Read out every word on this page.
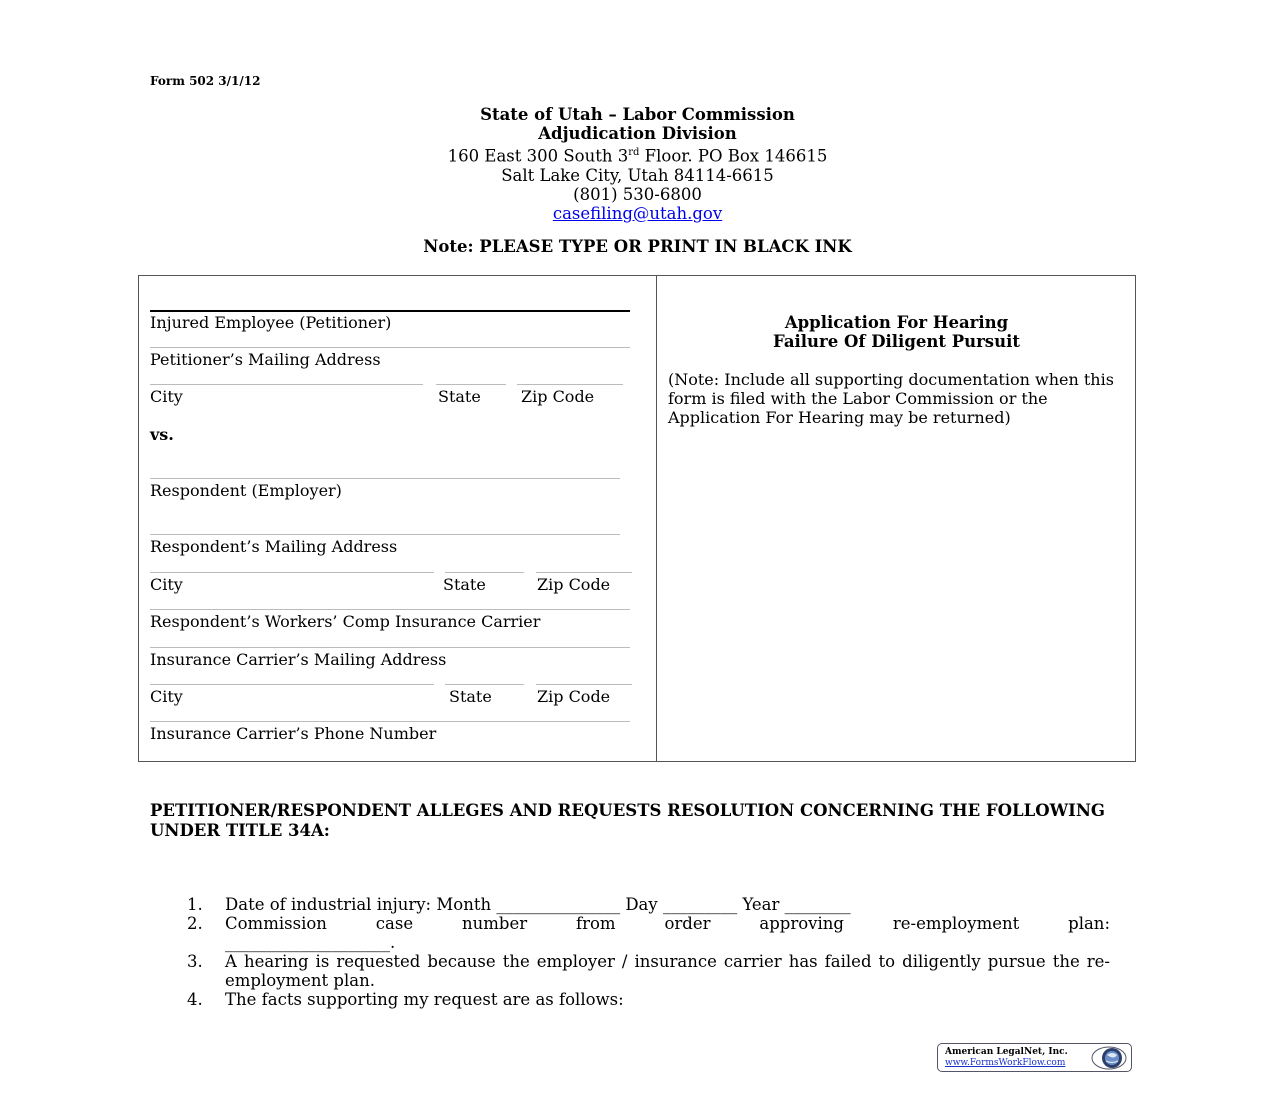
Form 502 3/1/12
State of Utah – Labor Commission
Adjudication Division
160 East 300 South 3rd Floor. PO Box 146615
Salt Lake City, Utah 84114-6615
(801) 530-6800
casefiling@utah.gov
Note: PLEASE TYPE OR PRINT IN BLACK INK
Injured Employee (Petitioner)
Petitioner’s Mailing Address
City	State	Zip Code
vs.
Respondent (Employer)
Respondent’s Mailing Address
City	State	Zip Code
Respondent’s Workers’ Comp Insurance Carrier
Insurance Carrier’s Mailing Address
City	State	Zip Code
Insurance Carrier’s Phone Number
Application For Hearing
Failure Of Diligent Pursuit
(Note: Include all supporting documentation when this form is filed with the Labor Commission or the Application For Hearing may be returned)
PETITIONER/RESPONDENT ALLEGES AND REQUESTS RESOLUTION CONCERNING THE FOLLOWING UNDER TITLE 34A:
1.	Date of industrial injury: Month _______________ Day _________ Year ________
2.	Commission case number from order approving re-employment plan:
____________________.
3.	A hearing is requested because the employer / insurance carrier has failed to diligently pursue the re-employment plan.
4.	The facts supporting my request are as follows:
American LegalNet, Inc.
www.FormsWorkFlow.com
